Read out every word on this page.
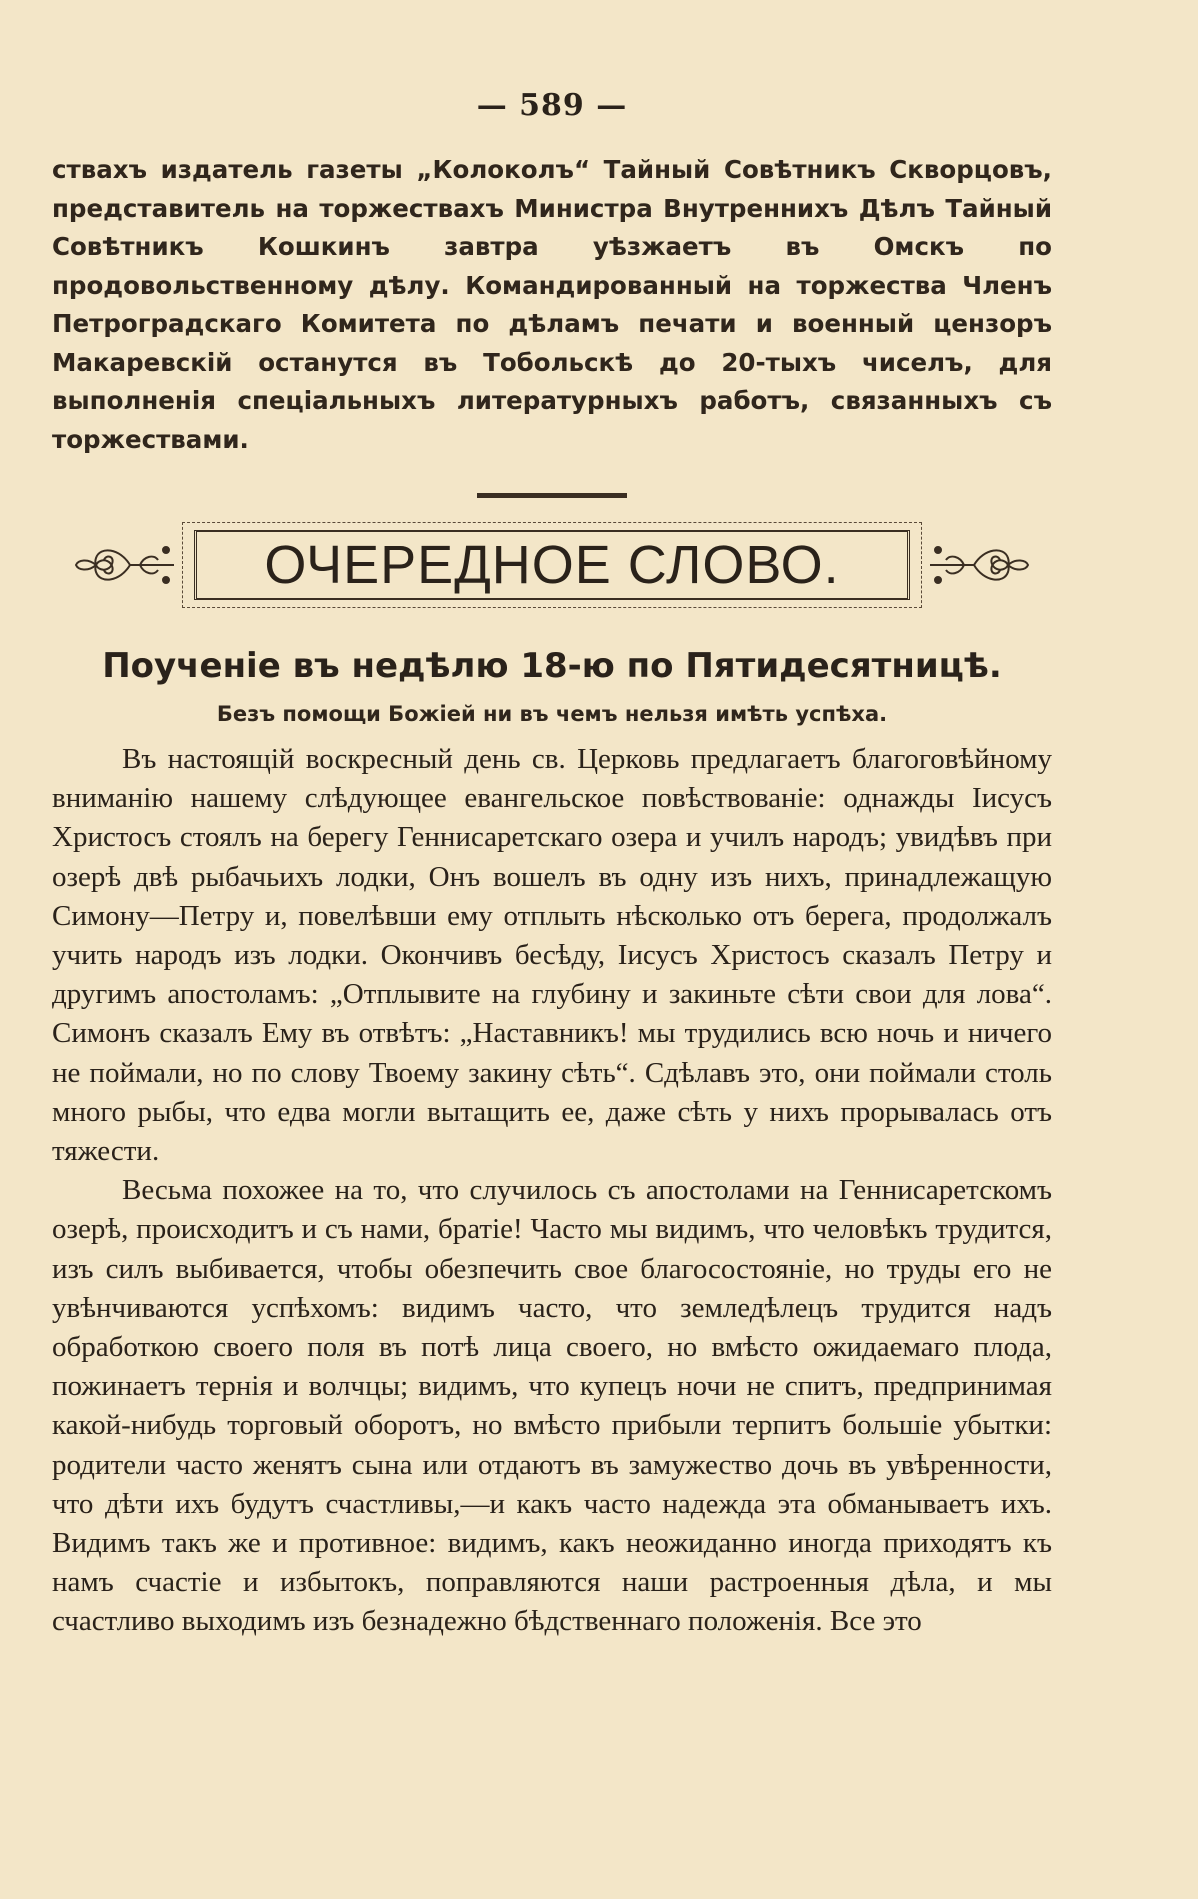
— 589 —

ствахъ издатель газеты „Колоколъ“ Тайный Совѣтникъ Скворцовъ, представитель на торжествахъ Министра Внутреннихъ Дѣлъ Тайный Совѣтникъ Кошкинъ завтра уѣзжаетъ въ Омскъ по продовольственному дѣлу. Командированный на торжества Членъ Петроградскаго Комитета по дѣламъ печати и военный цензоръ Макаревскій останутся въ Тобольскѣ до 20-тыхъ чиселъ, для выполненія спеціальныхъ литературныхъ работъ, связанныхъ съ торжествами.

ОЧЕРЕДНОЕ СЛОВО.
Поученіе въ недѣлю 18-ю по Пятидесятницѣ.
Безъ помощи Божіей ни въ чемъ нельзя имѣть успѣха.

Въ настоящій воскресный день св. Церковь предлагаетъ благоговѣйному вниманію нашему слѣдующее евангельское повѣствованіе: однажды Іисусъ Христосъ стоялъ на берегу Геннисаретскаго озера и училъ народъ; увидѣвъ при озерѣ двѣ рыбачьихъ лодки, Онъ вошелъ въ одну изъ нихъ, принадлежащую Симону—Петру и, повелѣвши ему отплыть нѣсколько отъ берега, продолжалъ учить народъ изъ лодки. Окончивъ бесѣду, Іисусъ Христосъ сказалъ Петру и другимъ апостоламъ: „Отплывите на глубину и закиньте сѣти свои для лова“. Симонъ сказалъ Ему въ отвѣтъ: „Наставникъ! мы трудились всю ночь и ничего не поймали, но по слову Твоему закину сѣть“. Сдѣлавъ это, они поймали столь много рыбы, что едва могли вытащить ее, даже сѣть у нихъ прорывалась отъ тяжести.

Весьма похожее на то, что случилось съ апостолами на Геннисаретскомъ озерѣ, происходитъ и съ нами, братіе! Часто мы видимъ, что человѣкъ трудится, изъ силъ выбивается, чтобы обезпечить свое благосостояніе, но труды его не увѣнчиваются успѣхомъ: видимъ часто, что земледѣлецъ трудится надъ обработкою своего поля въ потѣ лица своего, но вмѣсто ожидаемаго плода, пожинаетъ тернія и волчцы; видимъ, что купецъ ночи не спитъ, предпринимая какой-нибудь торговый оборотъ, но вмѣсто прибыли терпитъ большіе убытки: родители часто женятъ сына или отдаютъ въ замужество дочь въ увѣренности, что дѣти ихъ будутъ счастливы,—и какъ часто надежда эта обманываетъ ихъ. Видимъ такъ же и противное: видимъ, какъ неожиданно иногда приходятъ къ намъ счастіе и избытокъ, поправляются наши растроенныя дѣла, и мы счастливо выходимъ изъ безнадежно бѣдственнаго положенія. Все это
